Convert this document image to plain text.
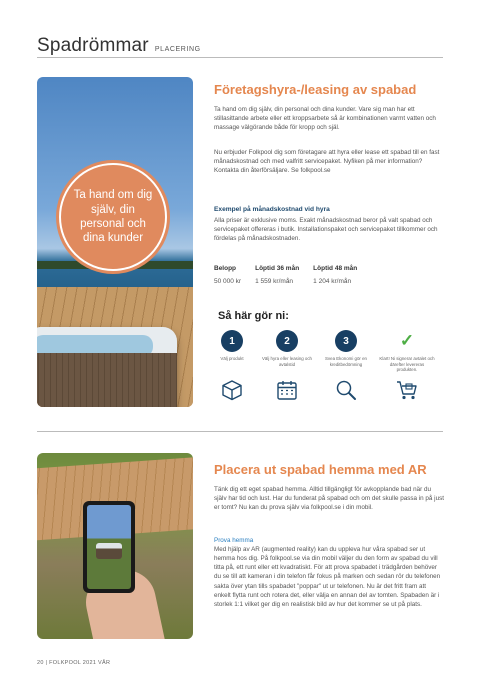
Spadrömmar PLACERING
Ta hand om dig själv, din personal och dina kunder
Företagshyra-/leasing av spabad

Ta hand om dig själv, din personal och dina kunder. Vare sig man har ett stillasittande arbete eller ett kroppsarbete så är kombinationen varmt vatten och massage välgörande både för kropp och själ.

Nu erbjuder Folkpool dig som företagare att hyra eller lease ett spabad till en fast månadskostnad och med valfritt servicepaket. Nyfiken på mer information? Kontakta din återförsäljare. Se folkpool.se

Exempel på månadskostnad vid hyra

Alla priser är exklusive moms. Exakt månadskostnad beror på valt spabad och servicepaket offereras i butik. Installationspaket och servicepaket tillkommer och fördelas på månadskostnaden.

Belopp	Löptid 36 mån	Löptid 48 mån
50 000 kr	1 559 kr/mån	1 204 kr/mån

Så här gör ni:

1
Välj produkt
2
Välj hyra eller leasing och avtalstid
3
Svea Ekonomi gör en kreditbedömning
✓
Klart! Ni signerar avtalet och därefter levereras produkten.
Placera ut spabad hemma med AR

Tänk dig ett eget spabad hemma. Alltid tillgängligt för avkopplande bad när du själv har tid och lust. Har du funderat på spabad och om det skulle passa in på just er tomt? Nu kan du prova själv via folkpool.se i din mobil.

Prova hemma

Med hjälp av AR (augmented reality) kan du uppleva hur våra spabad ser ut hemma hos dig. På folkpool.se via din mobil väljer du den form av spabad du vill titta på, ett runt eller ett kvadratiskt. För att prova spabadet i trädgården behöver du se till att kameran i din telefon får fokus på marken och sedan rör du telefonen sakta över ytan tills spabadet "poppar" ut ur telefonen. Nu är det fritt fram att enkelt flytta runt och rotera det, eller välja en annan del av tomten. Spabaden är i storlek 1:1 vilket ger dig en realistisk bild av hur det kommer se ut på plats.

20 | FOLKPOOL 2021 VÅR
